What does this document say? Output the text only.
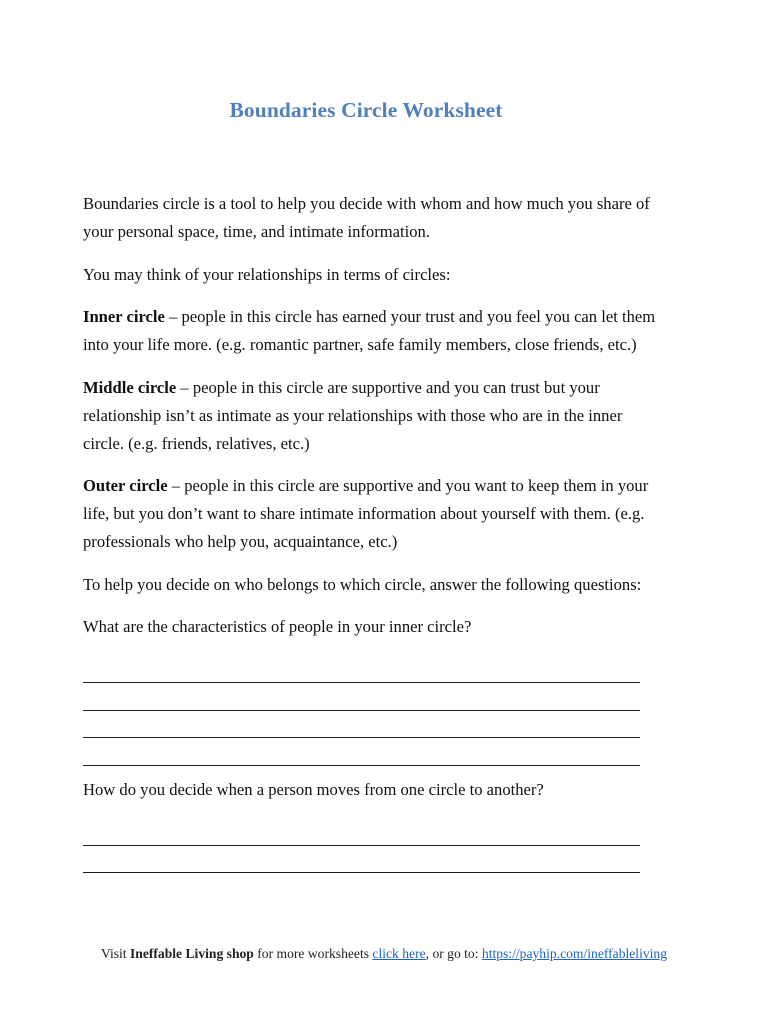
Boundaries Circle Worksheet

Boundaries circle is a tool to help you decide with whom and how much you share of your personal space, time, and intimate information.

You may think of your relationships in terms of circles:

Inner circle – people in this circle has earned your trust and you feel you can let them into your life more. (e.g. romantic partner, safe family members, close friends, etc.)

Middle circle – people in this circle are supportive and you can trust but your relationship isn’t as intimate as your relationships with those who are in the inner circle. (e.g. friends, relatives, etc.)

Outer circle – people in this circle are supportive and you want to keep them in your life, but you don’t want to share intimate information about yourself with them. (e.g. professionals who help you, acquaintance, etc.)

To help you decide on who belongs to which circle, answer the following questions:

What are the characteristics of people in your inner circle?

How do you decide when a person moves from one circle to another?

Visit Ineffable Living shop for more worksheets click here, or go to: https://payhip.com/ineffableliving
